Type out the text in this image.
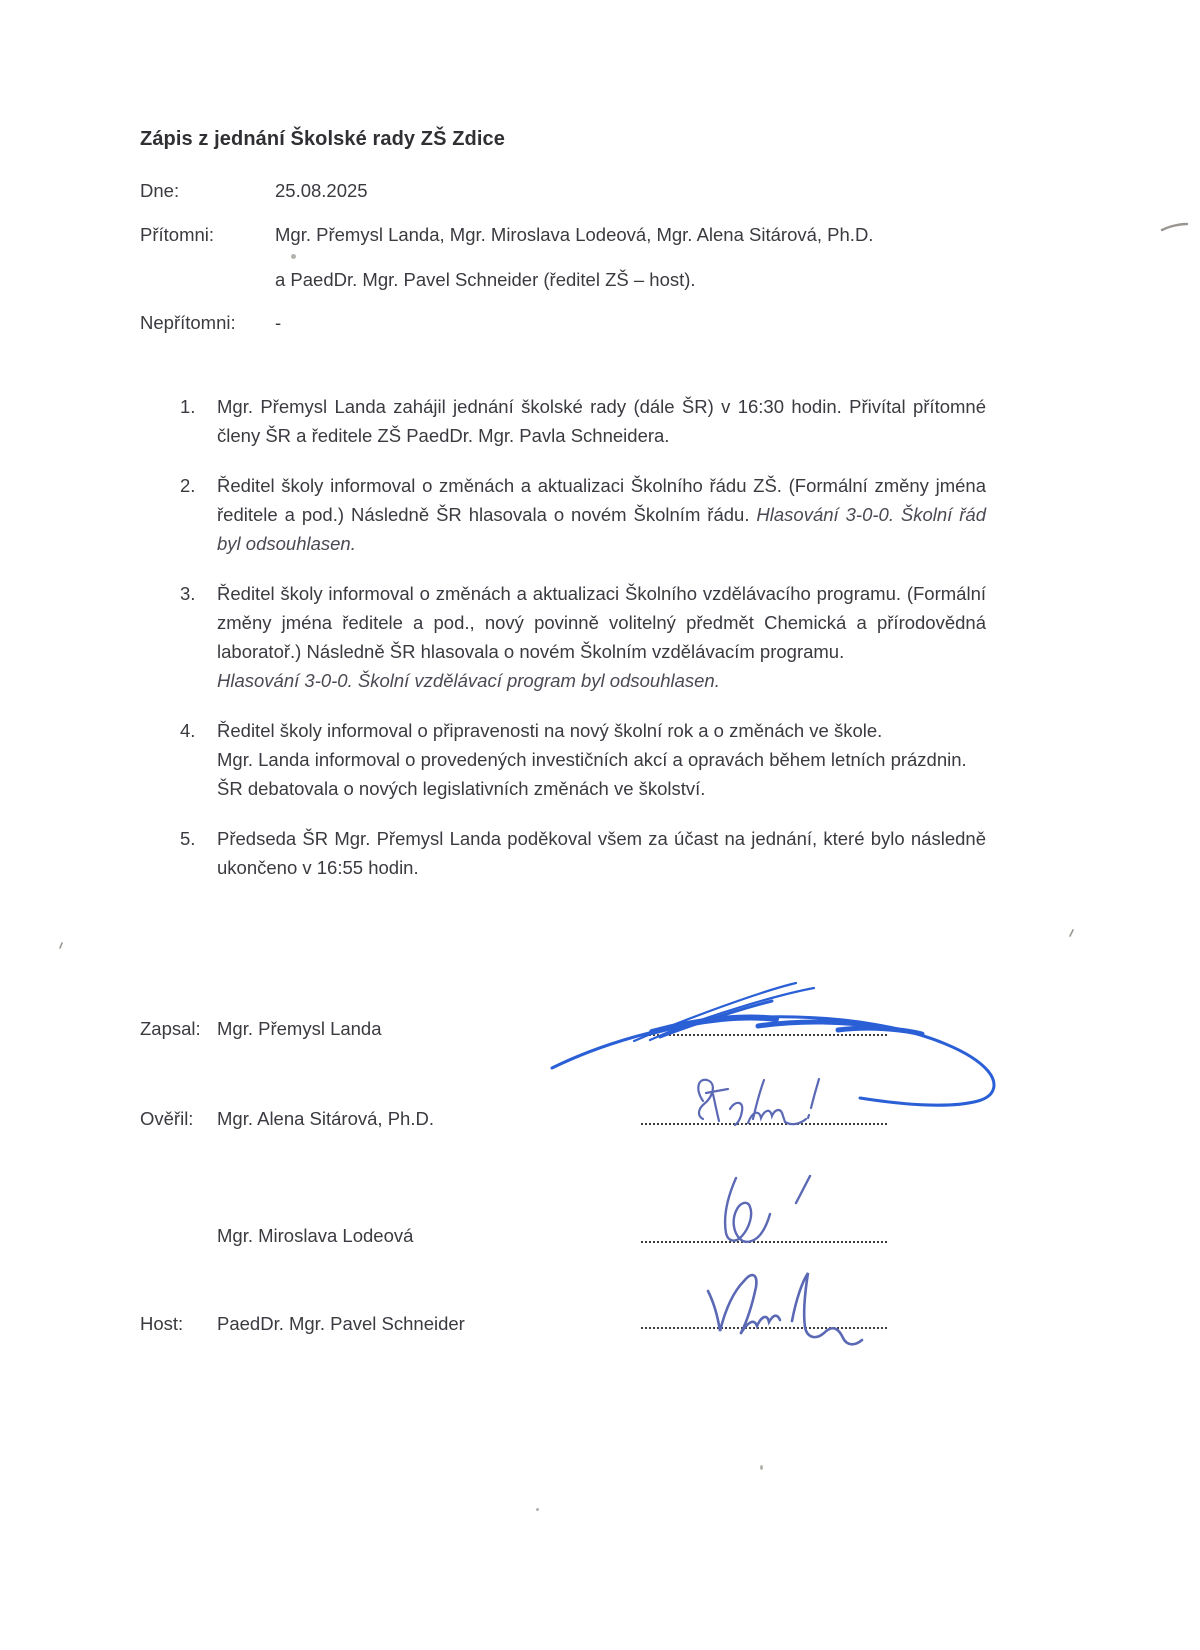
Zápis z jednání Školské rady ZŠ Zdice
Dne:	25.08.2025
Přítomni:	Mgr. Přemysl Landa, Mgr. Miroslava Lodeová, Mgr. Alena Sitárová, Ph.D.
a PaedDr. Mgr. Pavel Schneider (ředitel ZŠ – host).
Nepřítomni:	-
1.	Mgr. Přemysl Landa zahájil jednání školské rady (dále ŠR) v 16:30 hodin. Přivítal přítomné členy ŠR a ředitele ZŠ PaedDr. Mgr. Pavla Schneidera.
2.	Ředitel školy informoval o změnách a aktualizaci Školního řádu ZŠ. (Formální změny jména ředitele a pod.) Následně ŠR hlasovala o novém Školním řádu. Hlasování 3-0-0. Školní řád byl odsouhlasen.
3.	Ředitel školy informoval o změnách a aktualizaci Školního vzdělávacího programu. (Formální změny jména ředitele a pod., nový povinně volitelný předmět Chemická a přírodovědná laboratoř.) Následně ŠR hlasovala o novém Školním vzdělávacím programu.
Hlasování 3-0-0. Školní vzdělávací program byl odsouhlasen.
4.	Ředitel školy informoval o připravenosti na nový školní rok a o změnách ve škole.
Mgr. Landa informoval o provedených investičních akcí a opravách během letních prázdnin.
ŠR debatovala o nových legislativních změnách ve školství.
5.	Předseda ŠR Mgr. Přemysl Landa poděkoval všem za účast na jednání, které bylo následně ukončeno v 16:55 hodin.
Zapsal: Mgr. Přemysl Landa
Ověřil: Mgr. Alena Sitárová, Ph.D.
Mgr. Miroslava Lodeová
Host: PaedDr. Mgr. Pavel Schneider
